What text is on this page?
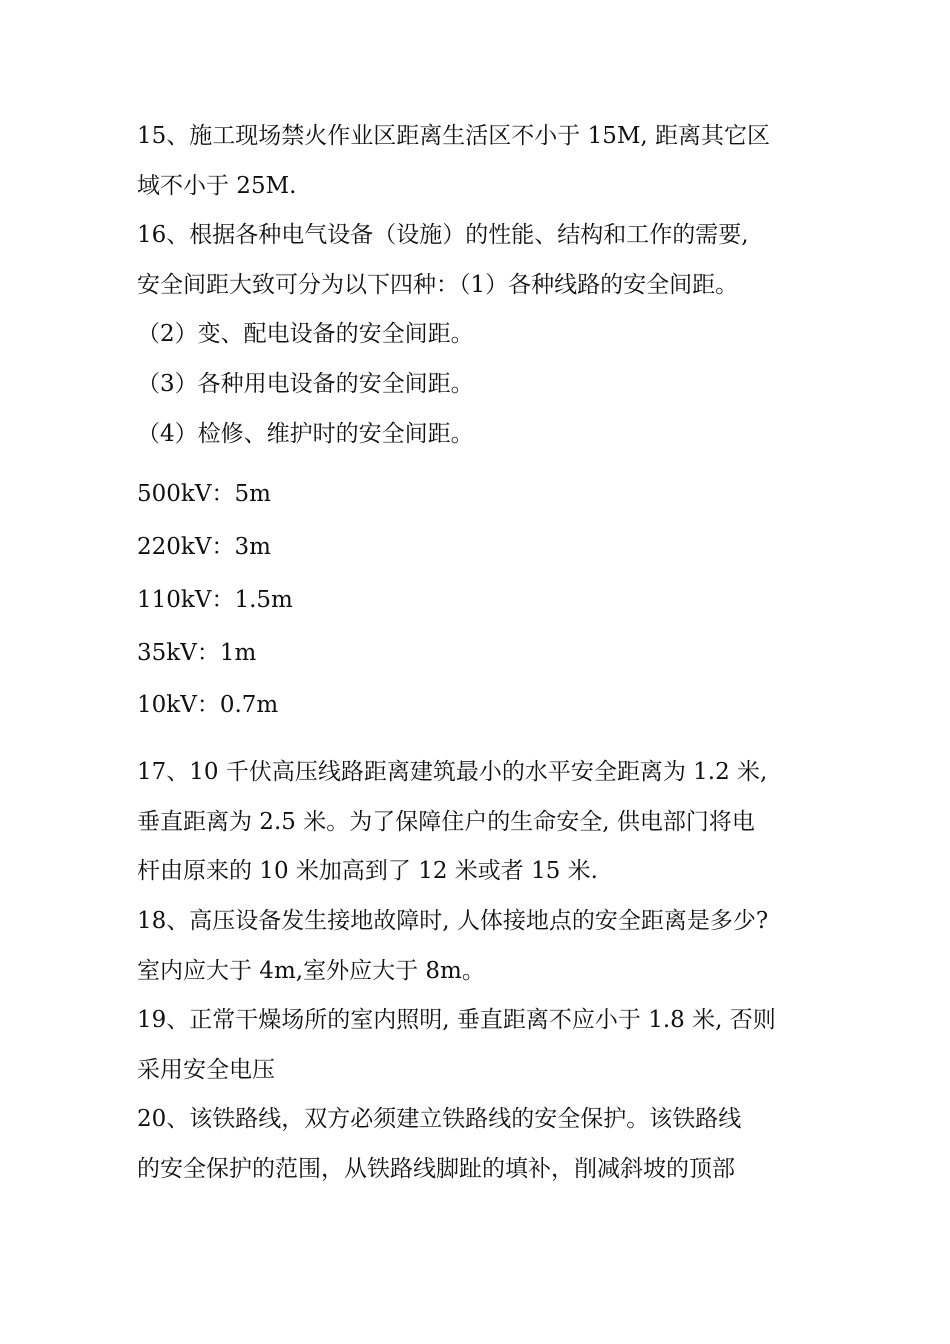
15、施工现场禁火作业区距离生活区不小于 15M, 距离其它区

域不小于 25M.

16、根据各种电气设备（设施）的性能、结构和工作的需要,

安全间距大致可分为以下四种：（1）各种线路的安全间距。

（2）变、配电设备的安全间距。

（3）各种用电设备的安全间距。

（4）检修、维护时的安全间距。

500kV：5m

220kV：3m

110kV：1.5m

35kV：1m

10kV：0.7m

17、10 千伏高压线路距离建筑最小的水平安全距离为 1.2 米,

垂直距离为 2.5 米。为了保障住户的生命安全, 供电部门将电

杆由原来的 10 米加高到了 12 米或者 15 米.

18、高压设备发生接地故障时, 人体接地点的安全距离是多少?

室内应大于 4m,室外应大于 8m。

19、正常干燥场所的室内照明, 垂直距离不应小于 1.8 米, 否则

采用安全电压

20、该铁路线，双方必须建立铁路线的安全保护。该铁路线

的安全保护的范围，从铁路线脚趾的填补，削减斜坡的顶部
